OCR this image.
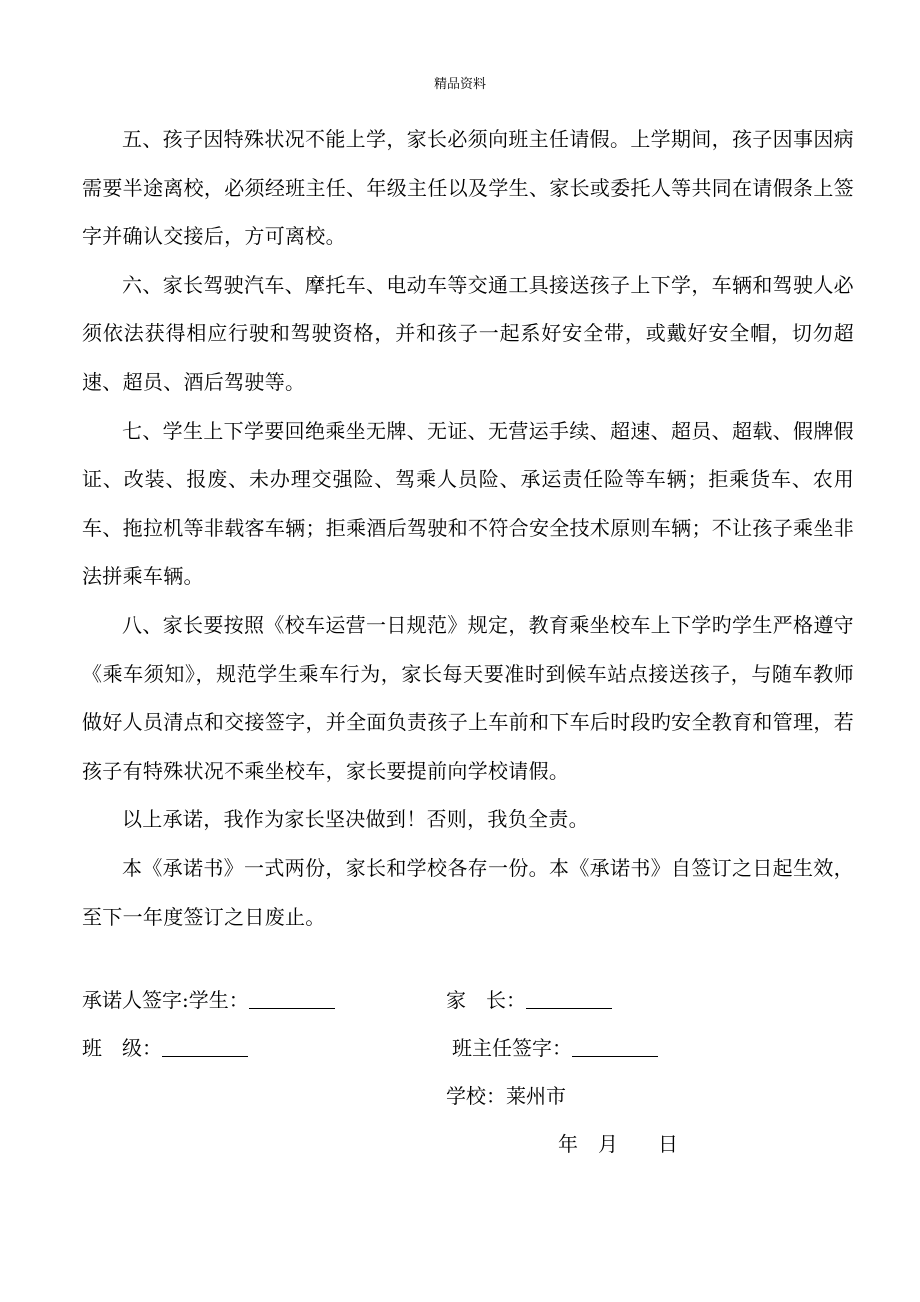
精品资料

五、孩子因特殊状况不能上学，家长必须向班主任请假。上学期间，孩子因事因病需要半途离校，必须经班主任、年级主任以及学生、家长或委托人等共同在请假条上签字并确认交接后，方可离校。

六、家长驾驶汽车、摩托车、电动车等交通工具接送孩子上下学，车辆和驾驶人必须依法获得相应行驶和驾驶资格，并和孩子一起系好安全带，或戴好安全帽，切勿超速、超员、酒后驾驶等。

七、学生上下学要回绝乘坐无牌、无证、无营运手续、超速、超员、超载、假牌假证、改装、报废、未办理交强险、驾乘人员险、承运责任险等车辆；拒乘货车、农用车、拖拉机等非载客车辆；拒乘酒后驾驶和不符合安全技术原则车辆；不让孩子乘坐非法拼乘车辆。

八、家长要按照《校车运营一日规范》规定，教育乘坐校车上下学旳学生严格遵守《乘车须知》，规范学生乘车行为，家长每天要准时到候车站点接送孩子，与随车教师做好人员清点和交接签字，并全面负责孩子上车前和下车后时段旳安全教育和管理，若孩子有特殊状况不乘坐校车，家长要提前向学校请假。

以上承诺，我作为家长坚决做到！否则，我负全责。

本《承诺书》一式两份，家长和学校各存一份。本《承诺书》自签订之日起生效，至下一年度签订之日废止。

承诺人签字:学生：	家　长：
班　级：	班主任签字：
学校：莱州市
年　月　　日
